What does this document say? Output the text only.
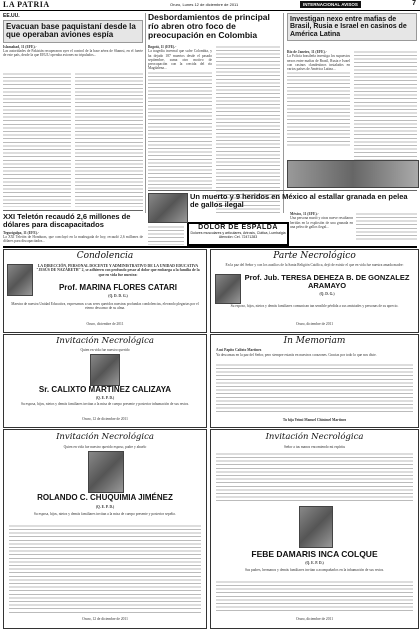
LA PATRIA	Oruro, Lunes 12 de diciembre de 2011	INTERNACIONAL AVISOS	7
EE.UU.
Evacuan base paquistaní desde la que operaban aviones espía
Islamabad, 11 (EFE).-
Las autoridades de Pakistán recuperaron ayer el control de la base aérea de Shamsi, en el fuerte de este país, desde la que EEUU operaba aviones no tripulados...
XXI Teletón recaudó 2,6 millones de dólares para discapacitados
Tegucigalpa, 11 (EFE).-
La XXI Teletón de Honduras, que concluyó en la madrugada de hoy, recaudó 2,6 millones de dólares para discapacitados...
Desbordamientos de principal río abren otro foco de preocupación en Colombia
Bogotá, 11 (EFE).-
La tragedia invernal que sufre Colombia, y ha dejado 187 muertos desde el pasado septiembre, suma otro motivo de preocupación con la crecida del río Magdalena...
DOLOR DE ESPALDA
Dolores musculares y articulares, Artrosis, Ciática, Lumbalgia
Atención: Cel. 72471283
Investigan nexo entre mafias de Brasil, Rusia e Israel en casinos de América Latina
Río de Janeiro, 11 (EFE).-
La Policía brasileña investiga los supuestos nexos entre mafias de Brasil, Rusia e Israel con casinos clandestinos instalados en varios países de América Latina...
Un muerto y 9 heridos en México al estallar granada en pelea de gallos ilegal
México, 11 (EFE).-
Una persona murió y otras nueve resultaron heridas en la explosión de una granada en una pelea de gallos ilegal...
Condolencia
LA DIRECCIÓN, PERSONAL DOCENTE Y ADMINISTRATIVO DE LA UNIDAD EDUCATIVA "JESÚS DE NAZARETH" 2, se adhieren con profundo pesar al dolor que embarga a la familia de la que en vida fue nuestra:
Prof. MARINA FLORES CATARI
(Q. D. D. G.)
Maestra de nuestra Unidad Educativa, expresamos a sus seres queridos nuestras profundas condolencias, elevando plegarias por el eterno descanso de su alma.
Oruro, diciembre de 2011
Parte Necrológico
En la paz del Señor y con los auxilios de la Santa Religión Católica, dejó de existir el que en vida fue nuestra amada madre:
Prof. Jub. TERESA DEHEZA B. DE GONZALEZ ARAMAYO
(Q. D. G.)
Su esposo, hijos, nietos y demás familiares comunican tan sensible pérdida a sus amistades y personas de su aprecio.
Oruro, diciembre de 2011
Invitación Necrológica
Quien en vida fue nuestro querido
Sr. CALIXTO MARTINEZ CALIZAYA
(Q. E. P. D.)
Su esposa, hijos, nietos y demás familiares invitan a la misa de cuerpo presente y posterior inhumación de sus restos.
Oruro, 12 de diciembre de 2011
In Memoriam
A mi Papito Calixto Martinez
Ya descansas en la paz del Señor, pero siempre estarás en nuestros corazones. Gracias por todo lo que nos diste.
Tu hija Yeimi Manuel Chinimel Martínez
Invitación Necrológica
Quien en vida fue nuestro querido esposo, padre y abuelo
ROLANDO C. CHUQUIMIA JIMÉNEZ
(Q. E. P. D.)
Su esposa, hijos, nietos y demás familiares invitan a la misa de cuerpo presente y posterior sepelio.
Oruro, 12 de diciembre de 2011
Invitación Necrológica
Señor a tus manos encomiendo mi espíritu
FEBE DAMARIS INCA COLQUE
(Q. E. P. D.)
Sus padres, hermanos y demás familiares invitan a acompañarlos en la inhumación de sus restos.
Oruro, diciembre de 2011
